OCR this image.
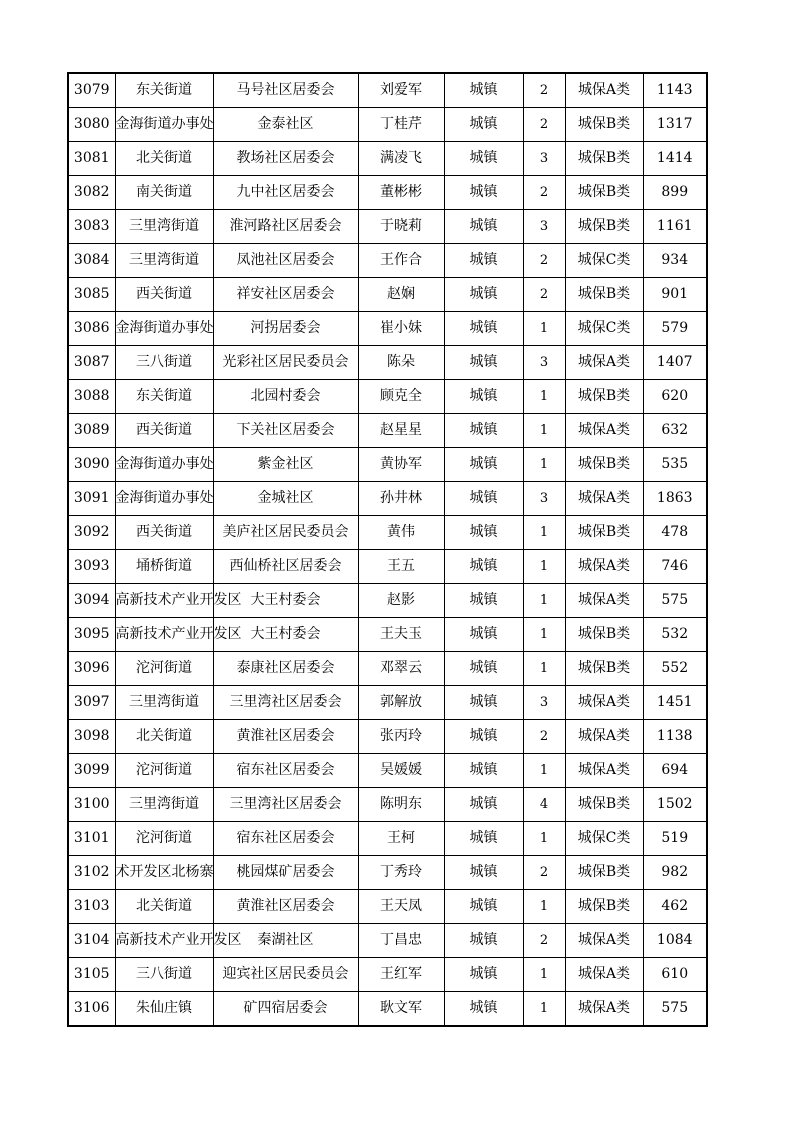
3079	东关街道	马号社区居委会	刘爱军	城镇	2	城保A类	1143
3080	金海街道办事处	金泰社区	丁桂芹	城镇	2	城保B类	1317
3081	北关街道	教场社区居委会	满凌飞	城镇	3	城保B类	1414
3082	南关街道	九中社区居委会	董彬彬	城镇	2	城保B类	899
3083	三里湾街道	淮河路社区居委会	于晓莉	城镇	3	城保B类	1161
3084	三里湾街道	凤池社区居委会	王作合	城镇	2	城保C类	934
3085	西关街道	祥安社区居委会	赵娴	城镇	2	城保B类	901
3086	金海街道办事处	河拐居委会	崔小妹	城镇	1	城保C类	579
3087	三八街道	光彩社区居民委员会	陈朵	城镇	3	城保A类	1407
3088	东关街道	北园村委会	顾克全	城镇	1	城保B类	620
3089	西关街道	下关社区居委会	赵星星	城镇	1	城保A类	632
3090	金海街道办事处	紫金社区	黄协军	城镇	1	城保B类	535
3091	金海街道办事处	金城社区	孙井林	城镇	3	城保A类	1863
3092	西关街道	美庐社区居民委员会	黄伟	城镇	1	城保B类	478
3093	埇桥街道	西仙桥社区居委会	王五	城镇	1	城保A类	746
3094	高新技术产业开发区	大王村委会	赵影	城镇	1	城保A类	575
3095	高新技术产业开发区	大王村委会	王夫玉	城镇	1	城保B类	532
3096	沱河街道	泰康社区居委会	邓翠云	城镇	1	城保B类	552
3097	三里湾街道	三里湾社区居委会	郭解放	城镇	3	城保A类	1451
3098	北关街道	黄淮社区居委会	张丙玲	城镇	2	城保A类	1138
3099	沱河街道	宿东社区居委会	吴媛媛	城镇	1	城保A类	694
3100	三里湾街道	三里湾社区居委会	陈明东	城镇	4	城保B类	1502
3101	沱河街道	宿东社区居委会	王柯	城镇	1	城保C类	519
3102	术开发区北杨寨	桃园煤矿居委会	丁秀玲	城镇	2	城保B类	982
3103	北关街道	黄淮社区居委会	王天凤	城镇	1	城保B类	462
3104	高新技术产业开发区	秦湖社区	丁昌忠	城镇	2	城保A类	1084
3105	三八街道	迎宾社区居民委员会	王红军	城镇	1	城保A类	610
3106	朱仙庄镇	矿四宿居委会	耿文军	城镇	1	城保A类	575
